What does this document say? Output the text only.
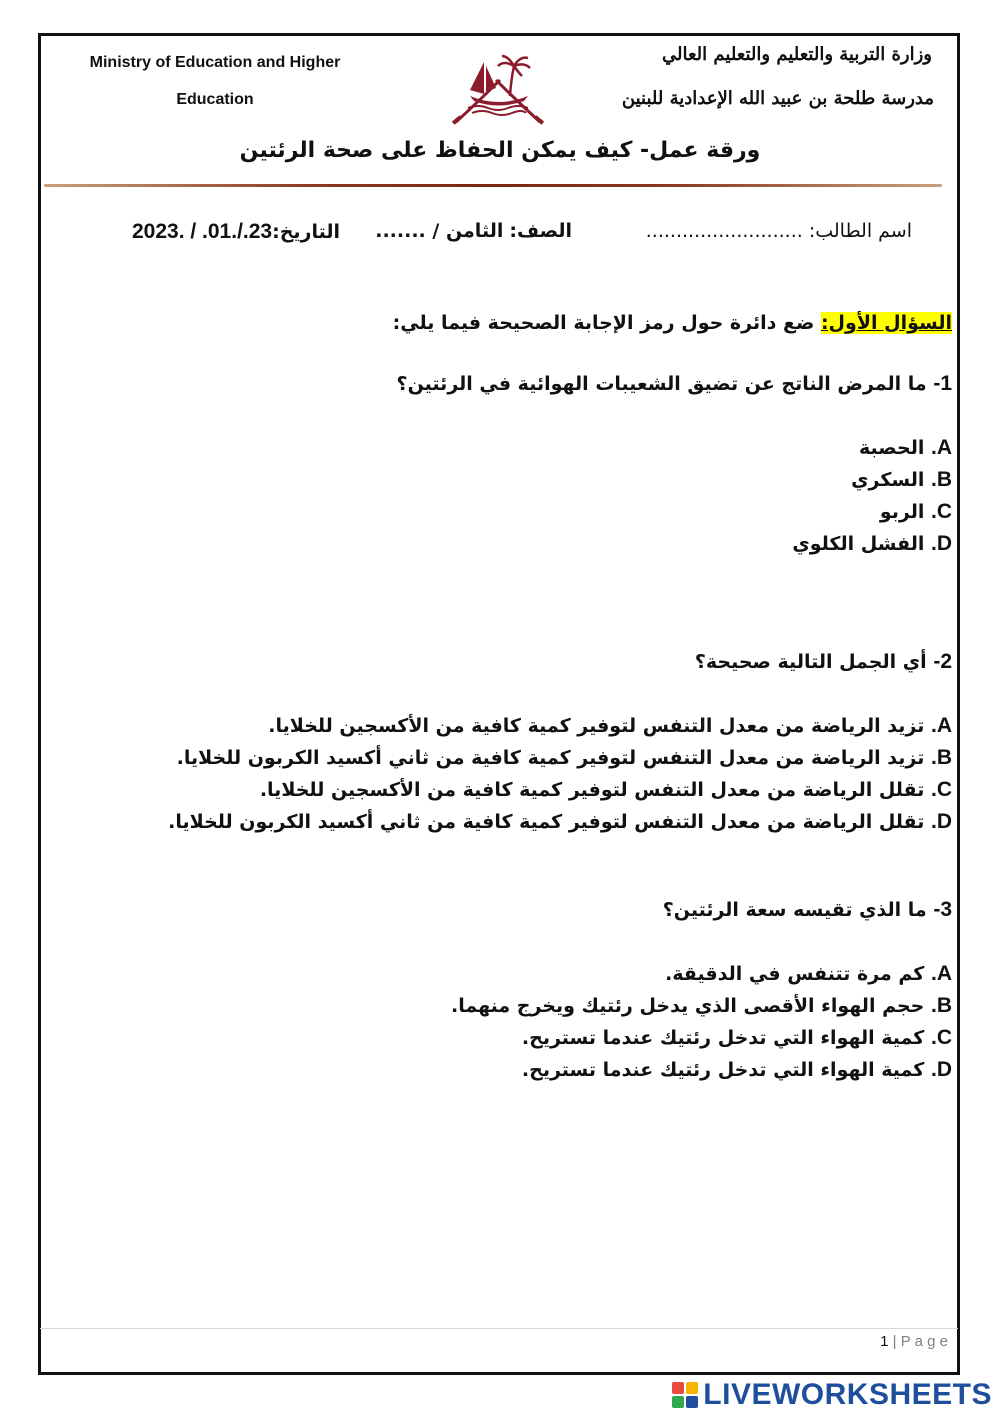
Ministry of Education and Higher
Education
وزارة التربية والتعليم والتعليم العالي
مدرسة طلحة بن عبيد الله الإعدادية للبنين
ورقة عمل- كيف يمكن الحفاظ على صحة الرئتين
اسم الطالب: ..........................
الصف: الثامن / .......
التاريخ:2023. / .01./.23
السؤال الأول: ضع دائرة حول رمز الإجابة الصحيحة فيما يلي:
1- ما المرض الناتج عن تضيق الشعيبات الهوائية في الرئتين؟
A. الحصبة
B. السكري
C. الربو
D. الفشل الكلوي
2- أي الجمل التالية صحيحة؟
A. تزيد الرياضة من معدل التنفس لتوفير كمية كافية من الأكسجين للخلايا.
B. تزيد الرياضة من معدل التنفس لتوفير كمية كافية من ثاني أكسيد الكربون للخلايا.
C. تقلل الرياضة من معدل التنفس لتوفير كمية كافية من الأكسجين للخلايا.
D. تقلل الرياضة من معدل التنفس لتوفير كمية كافية من ثاني أكسيد الكربون للخلايا.
3- ما الذي تقيسه سعة الرئتين؟
A. كم مرة تتنفس في الدقيقة.
B. حجم الهواء الأقصى الذي يدخل رئتيك ويخرج منهما.
C. كمية الهواء التي تدخل رئتيك عندما تستريح.
D. كمية الهواء التي تدخل رئتيك عندما تستريح.
1 | P a g e
LIVEWORKSHEETS
